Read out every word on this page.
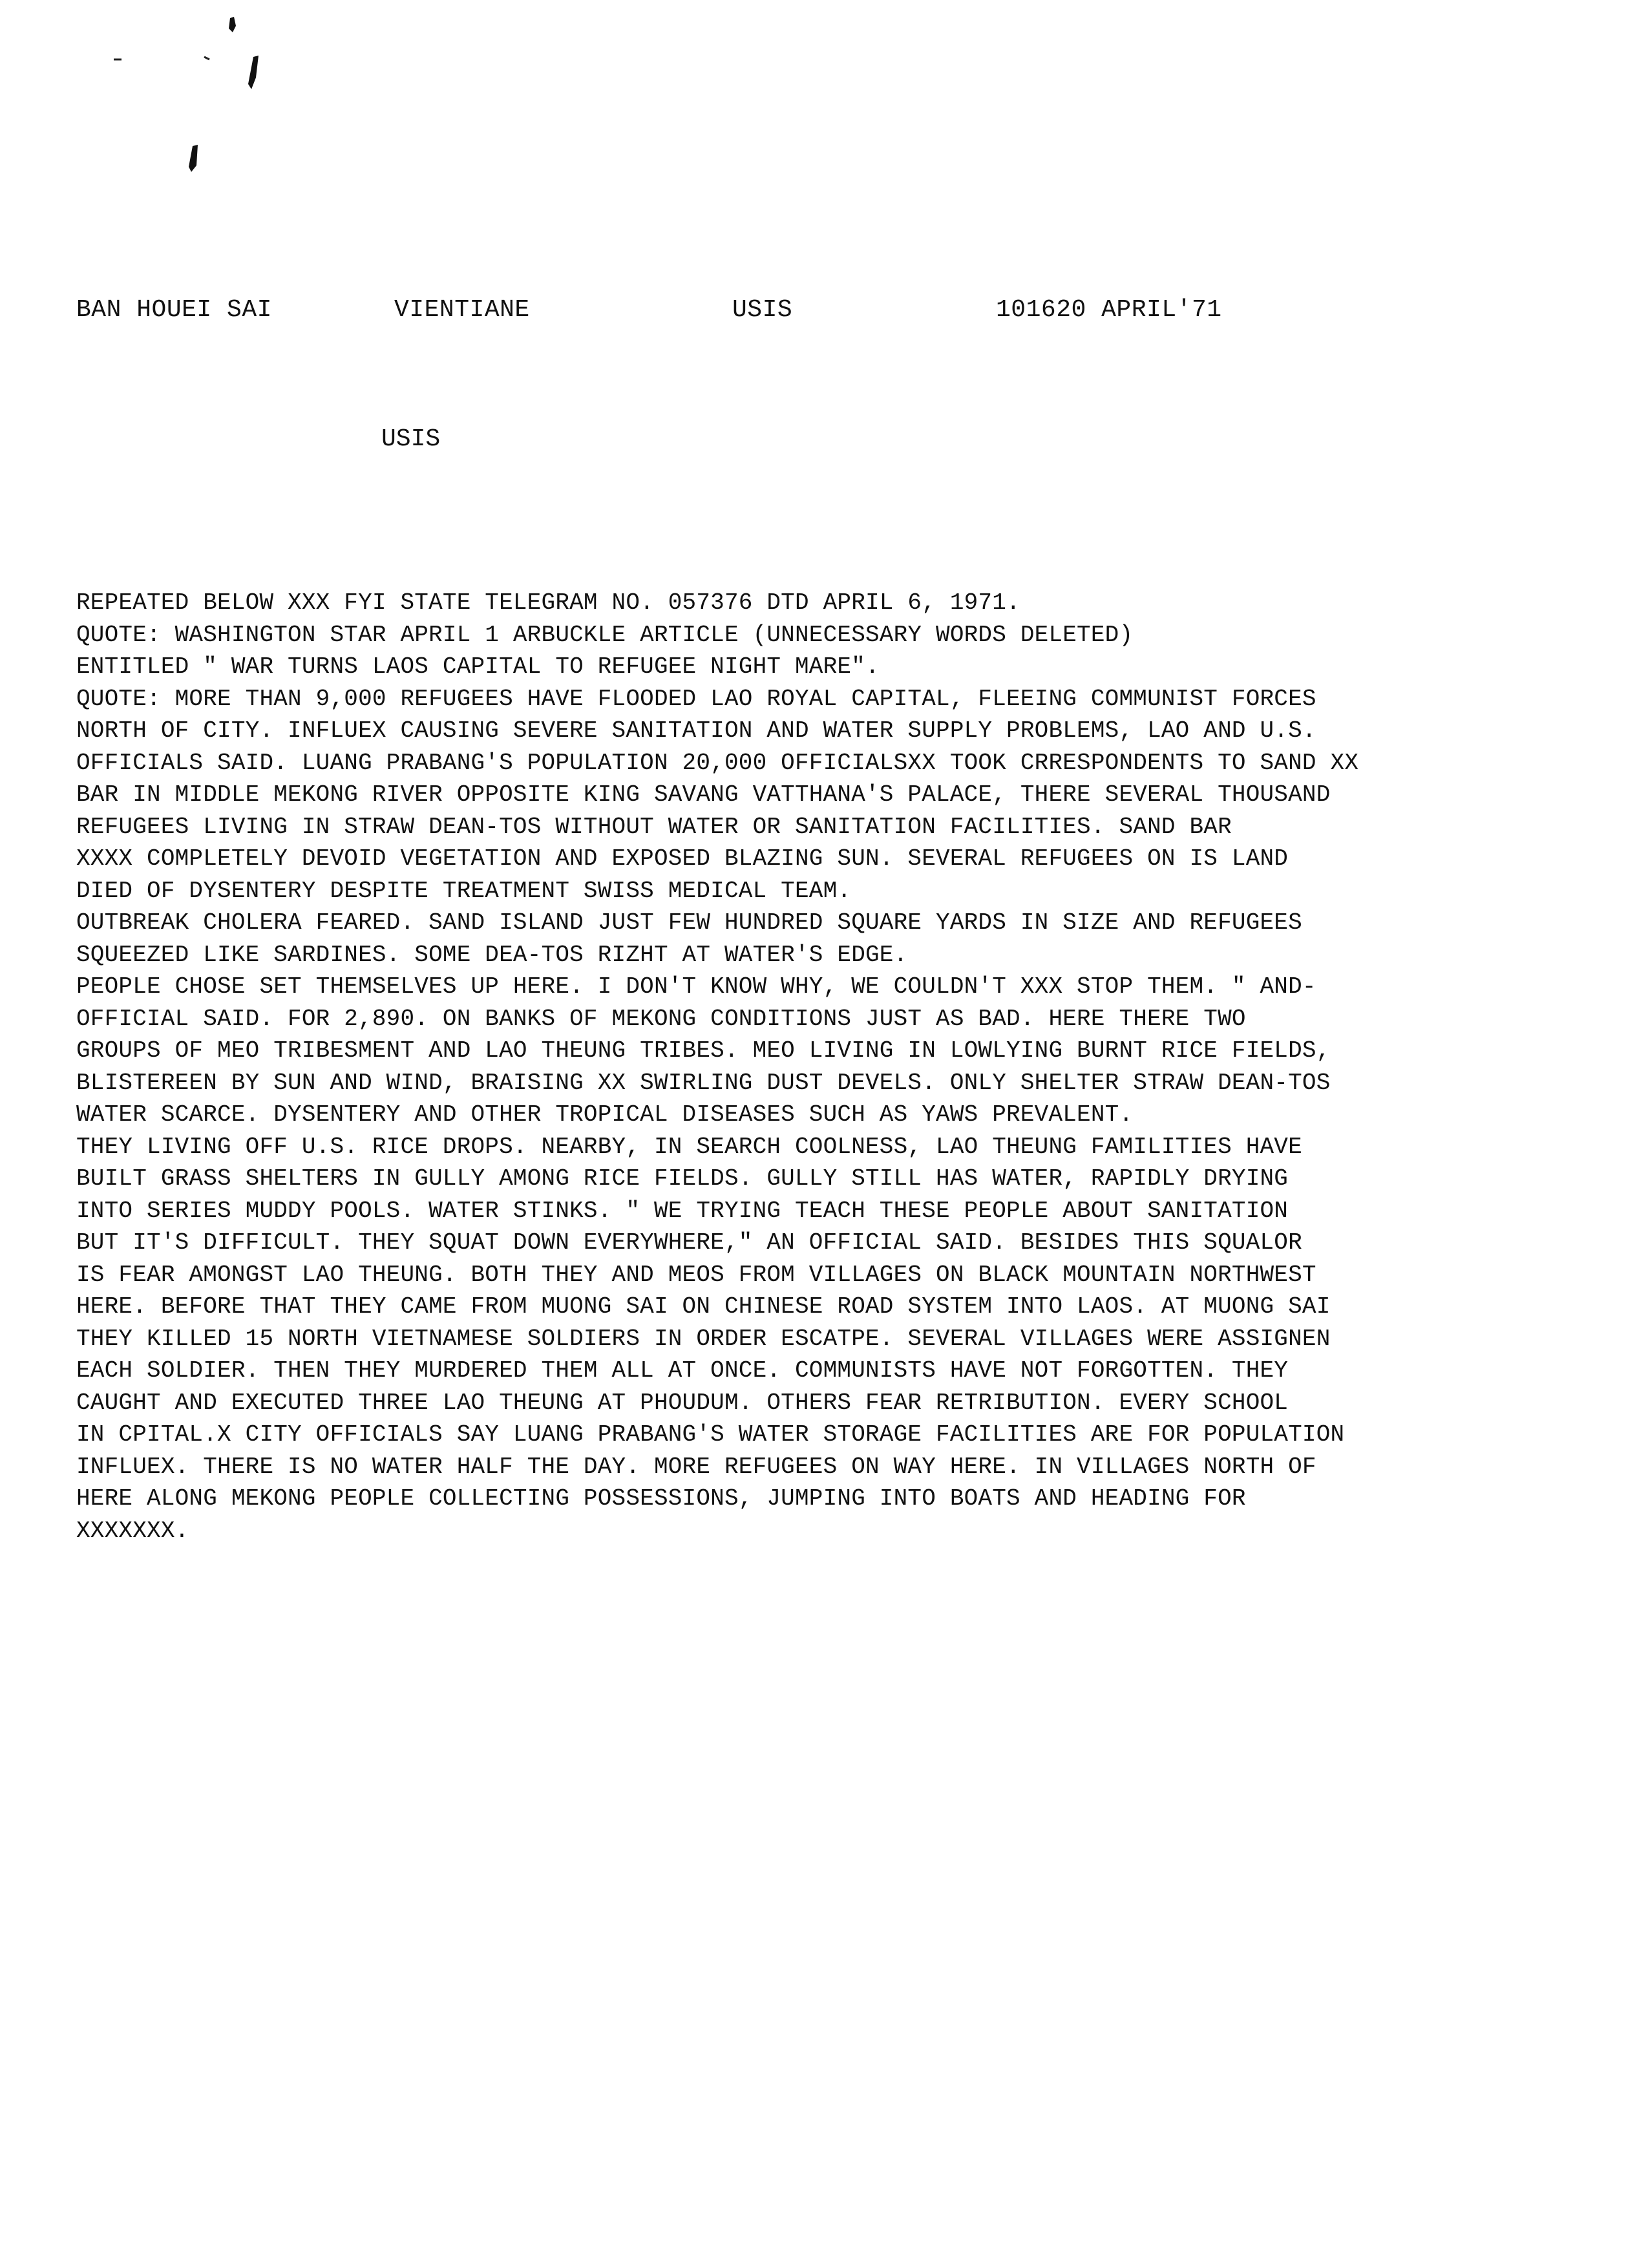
BAN HOUEI SAI	VIENTIANE	USIS	101620 APRIL'71
USIS
REPEATED BELOW XXX FYI STATE TELEGRAM NO. 057376 DTD APRIL 6, 1971.
QUOTE: WASHINGTON STAR APRIL 1 ARBUCKLE ARTICLE (UNNECESSARY WORDS DELETED)
ENTITLED " WAR TURNS LAOS CAPITAL TO REFUGEE NIGHT MARE".
QUOTE: MORE THAN 9,000 REFUGEES HAVE FLOODED LAO ROYAL CAPITAL, FLEEING COMMUNIST FORCES
NORTH OF CITY. INFLUEX CAUSING SEVERE SANITATION AND WATER SUPPLY PROBLEMS, LAO AND U.S.
OFFICIALS SAID. LUANG PRABANG'S POPULATION 20,000 OFFICIALSXX TOOK CRRESPONDENTS TO SAND XX
BAR IN MIDDLE MEKONG RIVER OPPOSITE KING SAVANG VATTHANA'S PALACE, THERE SEVERAL THOUSAND
REFUGEES LIVING IN STRAW DEAN-TOS WITHOUT WATER OR SANITATION FACILITIES. SAND BAR
XXXX COMPLETELY DEVOID VEGETATION AND EXPOSED BLAZING SUN. SEVERAL REFUGEES ON IS LAND
DIED OF DYSENTERY DESPITE TREATMENT SWISS MEDICAL TEAM.
OUTBREAK CHOLERA FEARED. SAND ISLAND JUST FEW HUNDRED SQUARE YARDS IN SIZE AND REFUGEES
SQUEEZED LIKE SARDINES. SOME DEA-TOS RIZHT AT WATER'S EDGE.
PEOPLE CHOSE SET THEMSELVES UP HERE. I DON'T KNOW WHY, WE COULDN'T XXX STOP THEM. " AND-
OFFICIAL SAID. FOR 2,890. ON BANKS OF MEKONG CONDITIONS JUST AS BAD. HERE THERE TWO
GROUPS OF MEO TRIBESMENT AND LAO THEUNG TRIBES. MEO LIVING IN LOWLYING BURNT RICE FIELDS,
BLISTEREEN BY SUN AND WIND, BRAISING XX SWIRLING DUST DEVELS. ONLY SHELTER STRAW DEAN-TOS
WATER SCARCE. DYSENTERY AND OTHER TROPICAL DISEASES SUCH AS YAWS PREVALENT.
THEY LIVING OFF U.S. RICE DROPS. NEARBY, IN SEARCH COOLNESS, LAO THEUNG FAMILITIES HAVE
BUILT GRASS SHELTERS IN GULLY AMONG RICE FIELDS. GULLY STILL HAS WATER, RAPIDLY DRYING
INTO SERIES MUDDY POOLS. WATER STINKS. " WE TRYING TEACH THESE PEOPLE ABOUT SANITATION
BUT IT'S DIFFICULT. THEY SQUAT DOWN EVERYWHERE," AN OFFICIAL SAID. BESIDES THIS SQUALOR
IS FEAR AMONGST LAO THEUNG. BOTH THEY AND MEOS FROM VILLAGES ON BLACK MOUNTAIN NORTHWEST
HERE. BEFORE THAT THEY CAME FROM MUONG SAI ON CHINESE ROAD SYSTEM INTO LAOS. AT MUONG SAI
THEY KILLED 15 NORTH VIETNAMESE SOLDIERS IN ORDER ESCATPE. SEVERAL VILLAGES WERE ASSIGNEN
EACH SOLDIER. THEN THEY MURDERED THEM ALL AT ONCE. COMMUNISTS HAVE NOT FORGOTTEN. THEY
CAUGHT AND EXECUTED THREE LAO THEUNG AT PHOUDUM. OTHERS FEAR RETRIBUTION. EVERY SCHOOL
IN CPITAL.X CITY OFFICIALS SAY LUANG PRABANG'S WATER STORAGE FACILITIES ARE FOR POPULATION
INFLUEX. THERE IS NO WATER HALF THE DAY. MORE REFUGEES ON WAY HERE. IN VILLAGES NORTH OF
HERE ALONG MEKONG PEOPLE COLLECTING POSSESSIONS, JUMPING INTO BOATS AND HEADING FOR
XXXXXXX.
